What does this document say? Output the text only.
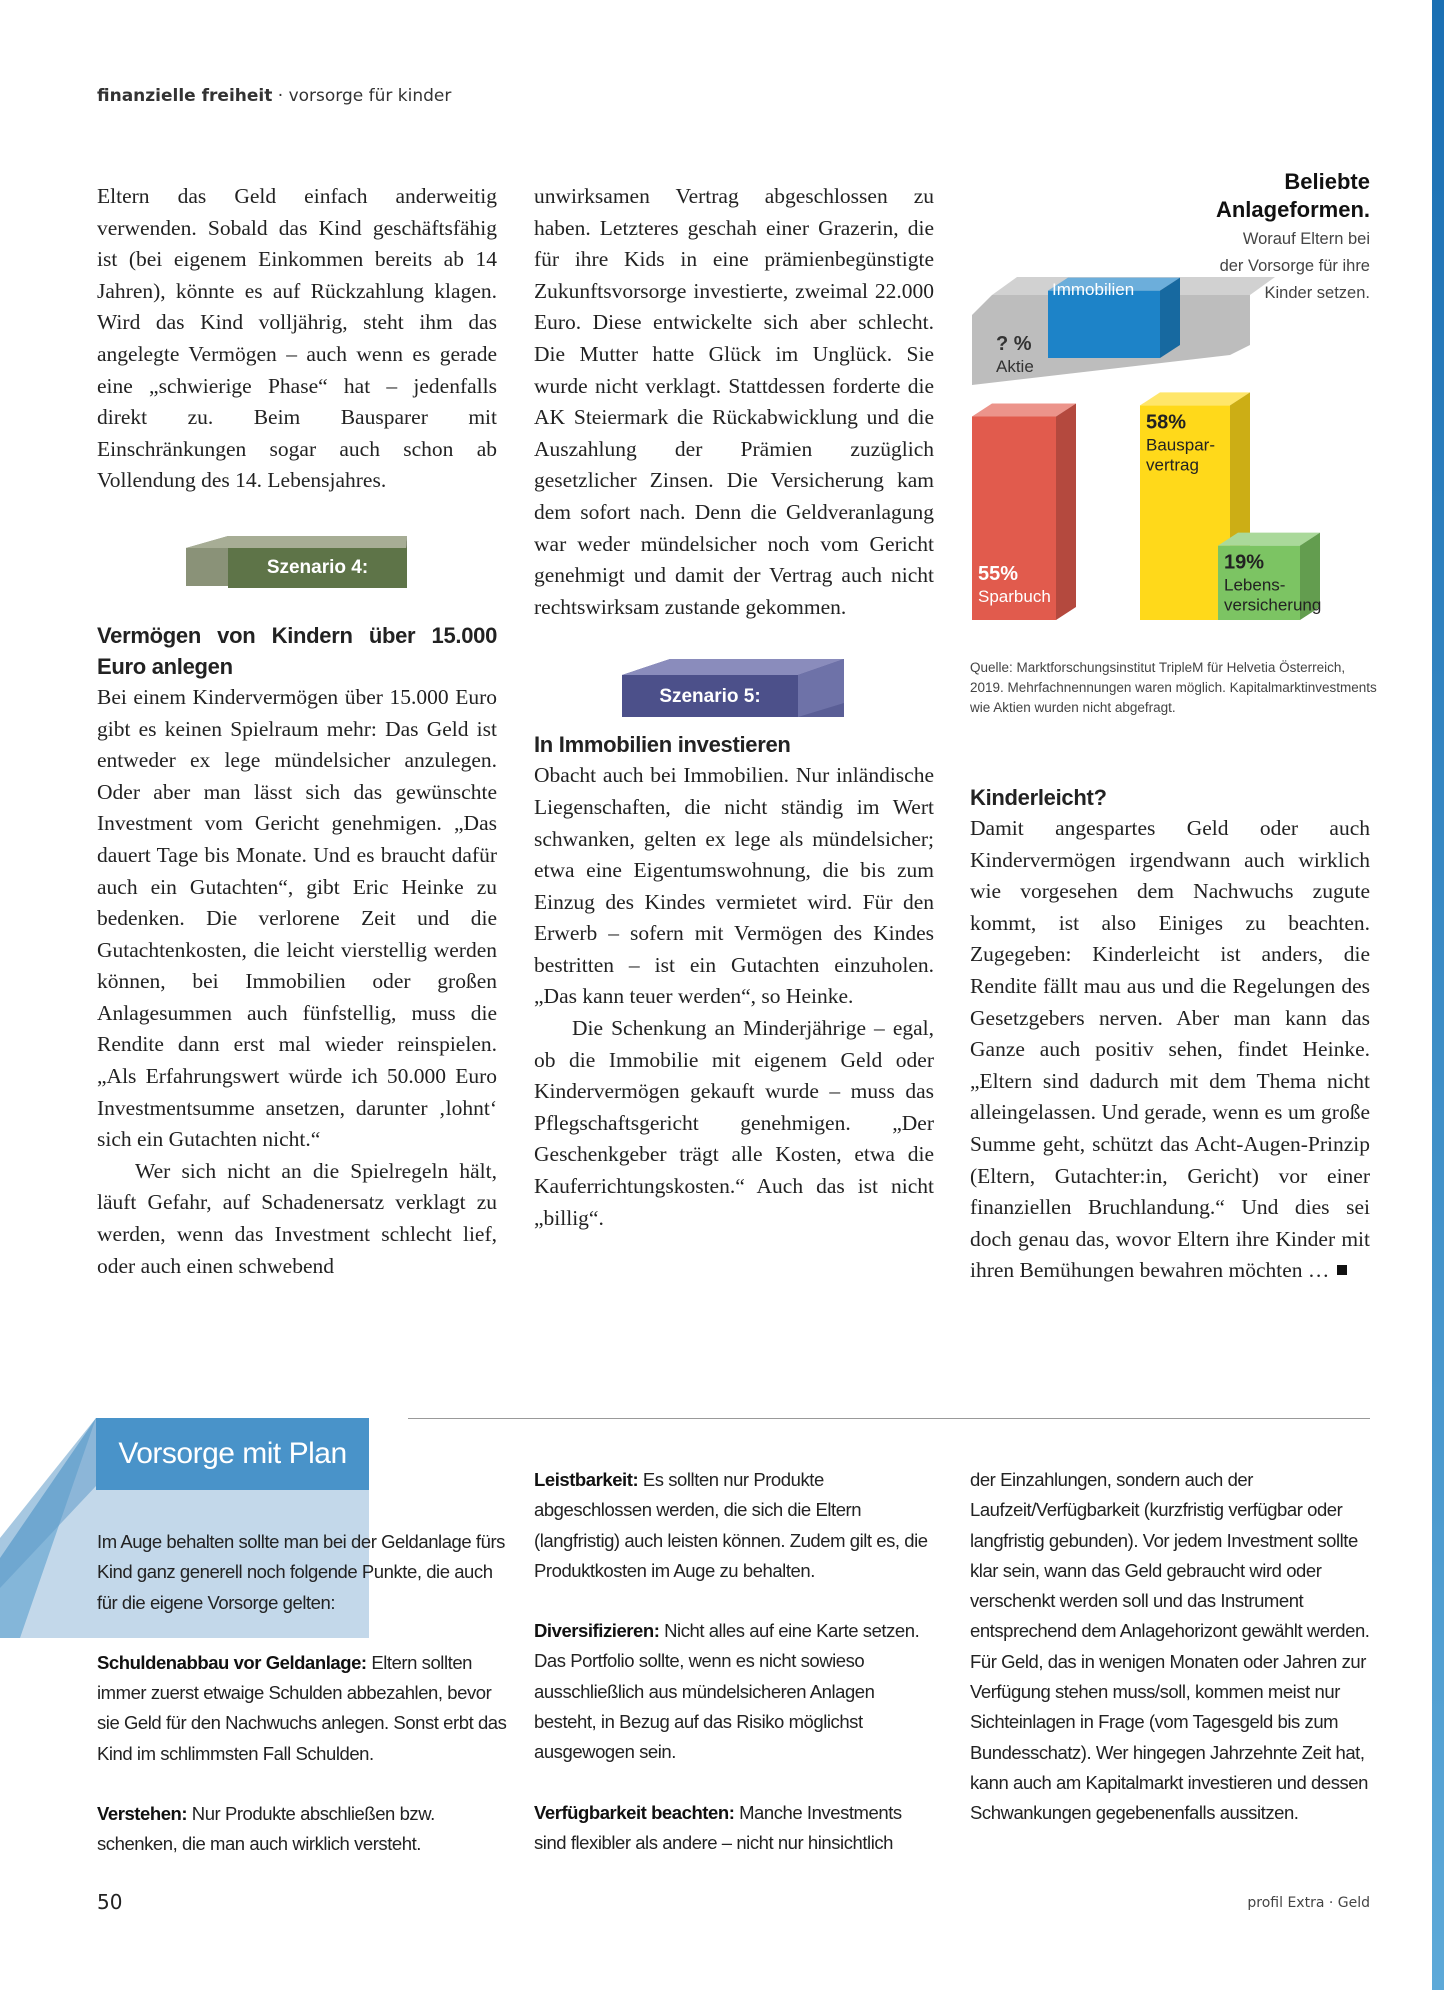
finanzielle freiheit · vorsorge für kinder

Eltern das Geld einfach anderweitig verwenden. Sobald das Kind geschäftsfähig ist (bei eigenem Einkommen bereits ab 14 Jahren), könnte es auf Rückzahlung klagen. Wird das Kind volljährig, steht ihm das angelegte Vermögen – auch wenn es gerade eine „schwierige Phase“ hat – jedenfalls direkt zu. Beim Bausparer mit Einschränkungen sogar auch schon ab Vollendung des 14. Lebensjahres.

Szenario 4:
Vermögen von Kindern über 15.000 Euro anlegen

Bei einem Kindervermögen über 15.000 Euro gibt es keinen Spielraum mehr: Das Geld ist entweder ex lege mündelsicher anzulegen. Oder aber man lässt sich das gewünschte Investment vom Gericht genehmigen. „Das dauert Tage bis Monate. Und es braucht dafür auch ein Gutachten“, gibt Eric Heinke zu bedenken. Die verlorene Zeit und die Gutachtenkosten, die leicht vierstellig werden können, bei Immobilien oder großen Anlagesummen auch fünfstellig, muss die Rendite dann erst mal wieder reinspielen. „Als Erfahrungswert würde ich 50.000 Euro Investmentsumme ansetzen, darunter ‚lohnt‘ sich ein Gutachten nicht.“

Wer sich nicht an die Spielregeln hält, läuft Gefahr, auf Schadenersatz verklagt zu werden, wenn das Investment schlecht lief, oder auch einen schwebend

unwirksamen Vertrag abgeschlossen zu haben. Letzteres geschah einer Grazerin, die für ihre Kids in eine prämienbegünstigte Zukunftsvorsorge investierte, zweimal 22.000 Euro. Diese entwickelte sich aber schlecht. Die Mutter hatte Glück im Unglück. Sie wurde nicht verklagt. Stattdessen forderte die AK Steiermark die Rückabwicklung und die Auszahlung der Prämien zuzüglich gesetzlicher Zinsen. Die Versicherung kam dem sofort nach. Denn die Geldveranlagung war weder mündelsicher noch vom Gericht genehmigt und damit der Vertrag auch nicht rechtswirksam zustande gekommen.

Szenario 5:
In Immobilien investieren

Obacht auch bei Immobilien. Nur inländische Liegenschaften, die nicht ständig im Wert schwanken, gelten ex lege als mündelsicher; etwa eine Eigentumswohnung, die bis zum Einzug des Kindes vermietet wird. Für den Erwerb – sofern mit Vermögen des Kindes bestritten – ist ein Gutachten einzuholen. „Das kann teuer werden“, so Heinke.

Die Schenkung an Minderjährige – egal, ob die Immobilie mit eigenem Geld oder Kindervermögen gekauft wurde – muss das Pflegschaftsgericht genehmigen. „Der Geschenkgeber trägt alle Kosten, etwa die Kauferrichtungskosten.“ Auch das ist nicht „billig“.

Beliebte
Anlageformen.
Worauf Eltern bei
der Vorsorge für ihre
Kinder setzen.
55%
Sparbuch
? %
Aktie
18%
Immobilien
58%
Bauspar-
vertrag
19%
Lebens-
versicherung
Quelle: Marktforschungsinstitut TripleM für Helvetia Österreich, 2019. Mehrfachnennungen waren möglich. Kapitalmarktinvestments wie Aktien wurden nicht abgefragt.
Kinderleicht?

Damit angespartes Geld oder auch Kindervermögen irgendwann auch wirklich wie vorgesehen dem Nachwuchs zugute kommt, ist also Einiges zu beachten. Zugegeben: Kinderleicht ist anders, die Rendite fällt mau aus und die Regelungen des Gesetzgebers nerven. Aber man kann das Ganze auch positiv sehen, findet Heinke. „Eltern sind dadurch mit dem Thema nicht alleingelassen. Und gerade, wenn es um große Summe geht, schützt das Acht-Augen-Prinzip (Eltern, Gutachter:in, Gericht) vor einer finanziellen Bruchlandung.“ Und dies sei doch genau das, wovor Eltern ihre Kinder mit ihren Bemühungen bewahren möchten …

Vorsorge mit Plan

Im Auge behalten sollte man bei der Geldanlage fürs Kind ganz generell noch folgende Punkte, die auch für die eigene Vorsorge gelten:

Schuldenabbau vor Geldanlage: Eltern sollten immer zuerst etwaige Schulden abbezahlen, bevor sie Geld für den Nachwuchs anlegen. Sonst erbt das Kind im schlimmsten Fall Schulden.

Verstehen: Nur Produkte abschließen bzw. schenken, die man auch wirklich versteht.

Leistbarkeit: Es sollten nur Produkte abgeschlossen werden, die sich die Eltern (langfristig) auch leisten können. Zudem gilt es, die Produktkosten im Auge zu behalten.

Diversifizieren: Nicht alles auf eine Karte setzen. Das Portfolio sollte, wenn es nicht sowieso ausschließlich aus mündelsicheren Anlagen besteht, in Bezug auf das Risiko möglichst ausgewogen sein.

Verfügbarkeit beachten: Manche Investments sind flexibler als andere – nicht nur hinsichtlich

der Einzahlungen, sondern auch der Laufzeit/Verfügbarkeit (kurzfristig verfügbar oder langfristig gebunden). Vor jedem Investment sollte klar sein, wann das Geld gebraucht wird oder verschenkt werden soll und das Instrument entsprechend dem Anlagehorizont gewählt werden. Für Geld, das in wenigen Monaten oder Jahren zur Verfügung stehen muss/soll, kommen meist nur Sichteinlagen in Frage (vom Tagesgeld bis zum Bundesschatz). Wer hingegen Jahrzehnte Zeit hat, kann auch am Kapitalmarkt investieren und dessen Schwankungen gegebenenfalls aussitzen.

50	profil Extra · Geld
